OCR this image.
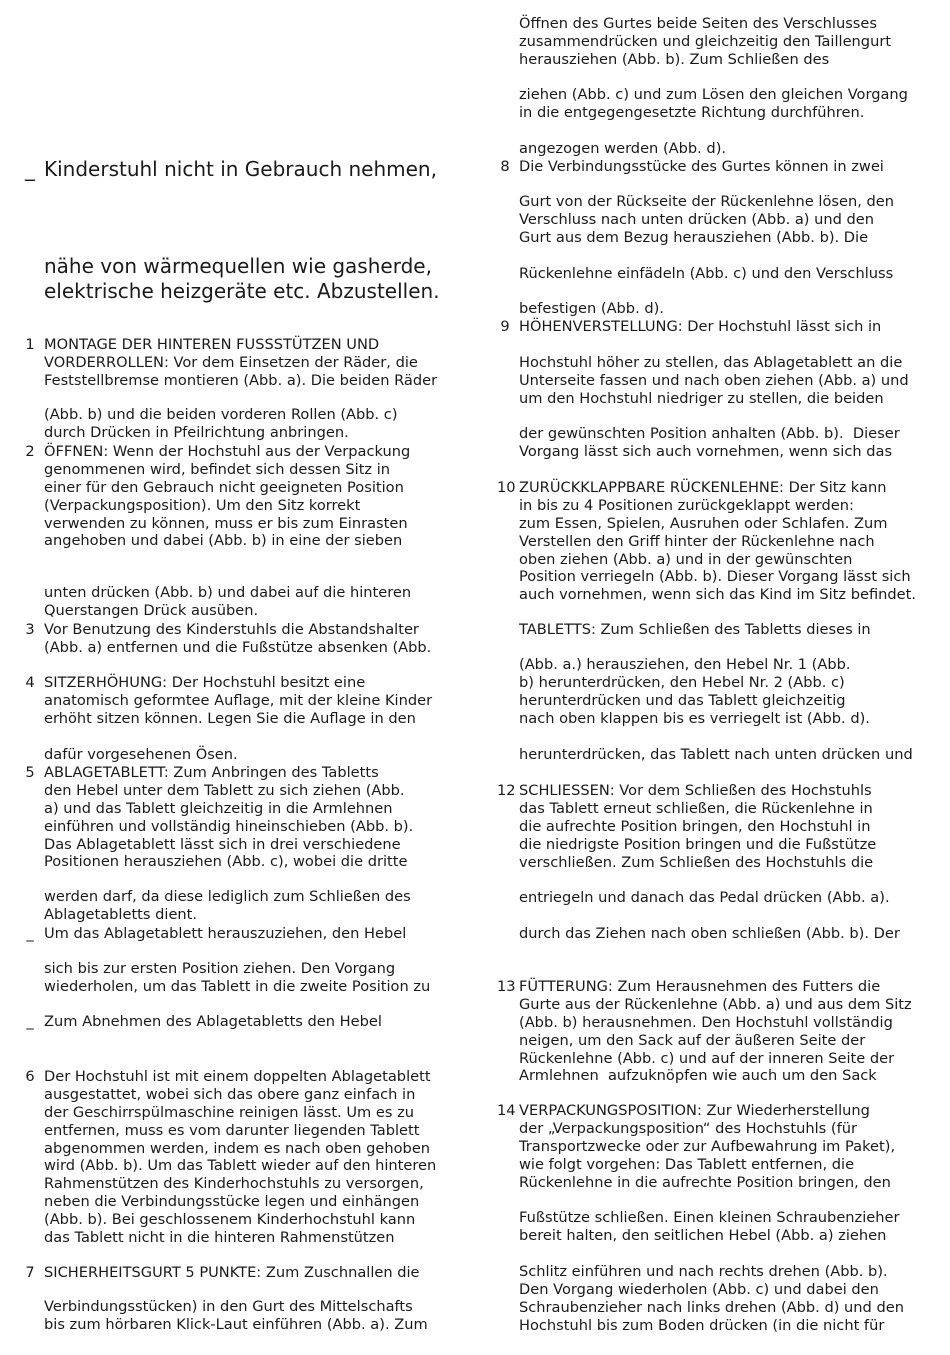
_ Kinderstuhl nicht in Gebrauch nehmen,
nähe von wärmequellen wie gasherde,
elektrische heizgeräte etc. Abzustellen.
1 MONTAGE DER HINTEREN FUSSSTÜTZEN UND
VORDERROLLEN: Vor dem Einsetzen der Räder, die
Feststellbremse montieren (Abb. a). Die beiden Räder
(Abb. b) und die beiden vorderen Rollen (Abb. c)
durch Drücken in Pfeilrichtung anbringen.
2 ÖFFNEN: Wenn der Hochstuhl aus der Verpackung
genommenen wird, befindet sich dessen Sitz in
einer für den Gebrauch nicht geeigneten Position
(Verpackungsposition). Um den Sitz korrekt
verwenden zu können, muss er bis zum Einrasten
angehoben und dabei (Abb. b) in eine der sieben
unten drücken (Abb. b) und dabei auf die hinteren
Querstangen Drück ausüben.
3 Vor Benutzung des Kinderstuhls die Abstandshalter
(Abb. a) entfernen und die Fußstütze absenken (Abb.
4 SITZERHÖHUNG: Der Hochstuhl besitzt eine
anatomisch geformtee Auflage, mit der kleine Kinder
erhöht sitzen können. Legen Sie die Auflage in den
dafür vorgesehenen Ösen.
5 ABLAGETABLETT: Zum Anbringen des Tabletts
den Hebel unter dem Tablett zu sich ziehen (Abb.
a) und das Tablett gleichzeitig in die Armlehnen
einführen und vollständig hineinschieben (Abb. b).
Das Ablagetablett lässt sich in drei verschiedene
Positionen herausziehen (Abb. c), wobei die dritte
werden darf, da diese lediglich zum Schließen des
Ablagetabletts dient.
_ Um das Ablagetablett herauszuziehen, den Hebel
sich bis zur ersten Position ziehen. Den Vorgang
wiederholen, um das Tablett in die zweite Position zu
_ Zum Abnehmen des Ablagetabletts den Hebel
6 Der Hochstuhl ist mit einem doppelten Ablagetablett
ausgestattet, wobei sich das obere ganz einfach in
der Geschirrspülmaschine reinigen lässt. Um es zu
entfernen, muss es vom darunter liegenden Tablett
abgenommen werden, indem es nach oben gehoben
wird (Abb. b). Um das Tablett wieder auf den hinteren
Rahmenstützen des Kinderhochstuhls zu versorgen,
neben die Verbindungsstücke legen und einhängen
(Abb. b). Bei geschlossenem Kinderhochstuhl kann
das Tablett nicht in die hinteren Rahmenstützen
7 SICHERHEITSGURT 5 PUNKTE: Zum Zuschnallen die
Verbindungsstücken) in den Gurt des Mittelschafts
bis zum hörbaren Klick-Laut einführen (Abb. a). Zum
Öffnen des Gurtes beide Seiten des Verschlusses
zusammendrücken und gleichzeitig den Taillengurt
herausziehen (Abb. b). Zum Schließen des
ziehen (Abb. c) und zum Lösen den gleichen Vorgang
in die entgegengesetzte Richtung durchführen.
angezogen werden (Abb. d).
8 Die Verbindungsstücke des Gurtes können in zwei
Gurt von der Rückseite der Rückenlehne lösen, den
Verschluss nach unten drücken (Abb. a) und den
Gurt aus dem Bezug herausziehen (Abb. b). Die
Rückenlehne einfädeln (Abb. c) und den Verschluss
befestigen (Abb. d).
9 HÖHENVERSTELLUNG: Der Hochstuhl lässt sich in
Hochstuhl höher zu stellen, das Ablagetablett an die
Unterseite fassen und nach oben ziehen (Abb. a) und
um den Hochstuhl niedriger zu stellen, die beiden
der gewünschten Position anhalten (Abb. b).  Dieser
Vorgang lässt sich auch vornehmen, wenn sich das
10 ZURÜCKKLAPPBARE RÜCKENLEHNE: Der Sitz kann
in bis zu 4 Positionen zurückgeklappt werden:
zum Essen, Spielen, Ausruhen oder Schlafen. Zum
Verstellen den Griff hinter der Rückenlehne nach
oben ziehen (Abb. a) und in der gewünschten
Position verriegeln (Abb. b). Dieser Vorgang lässt sich
auch vornehmen, wenn sich das Kind im Sitz befindet.
TABLETTS: Zum Schließen des Tabletts dieses in
(Abb. a.) herausziehen, den Hebel Nr. 1 (Abb.
b) herunterdrücken, den Hebel Nr. 2 (Abb. c)
herunterdrücken und das Tablett gleichzeitig
nach oben klappen bis es verriegelt ist (Abb. d).
herunterdrücken, das Tablett nach unten drücken und
12 SCHLIESSEN: Vor dem Schließen des Hochstuhls
das Tablett erneut schließen, die Rückenlehne in
die aufrechte Position bringen, den Hochstuhl in
die niedrigste Position bringen und die Fußstütze
verschließen. Zum Schließen des Hochstuhls die
entriegeln und danach das Pedal drücken (Abb. a).
durch das Ziehen nach oben schließen (Abb. b). Der
13 FÜTTERUNG: Zum Herausnehmen des Futters die
Gurte aus der Rückenlehne (Abb. a) und aus dem Sitz
(Abb. b) herausnehmen. Den Hochstuhl vollständig
neigen, um den Sack auf der äußeren Seite der
Rückenlehne (Abb. c) und auf der inneren Seite der
Armlehnen  aufzuknöpfen wie auch um den Sack
14 VERPACKUNGSPOSITION: Zur Wiederherstellung
der „Verpackungsposition“ des Hochstuhls (für
Transportzwecke oder zur Aufbewahrung im Paket),
wie folgt vorgehen: Das Tablett entfernen, die
Rückenlehne in die aufrechte Position bringen, den
Fußstütze schließen. Einen kleinen Schraubenzieher
bereit halten, den seitlichen Hebel (Abb. a) ziehen
Schlitz einführen und nach rechts drehen (Abb. b).
Den Vorgang wiederholen (Abb. c) und dabei den
Schraubenzieher nach links drehen (Abb. d) und den
Hochstuhl bis zum Boden drücken (in die nicht für
